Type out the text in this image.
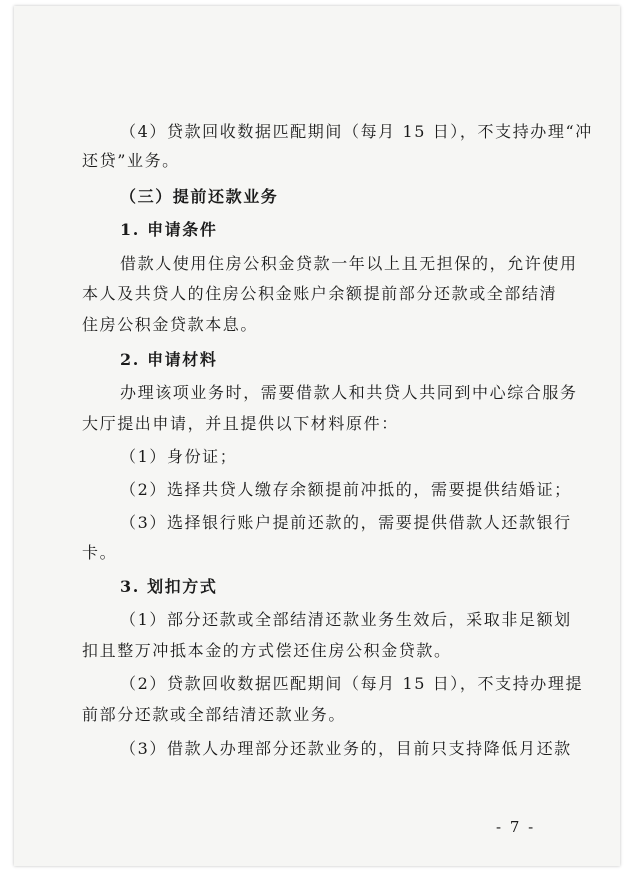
（4）贷款回收数据匹配期间（每月 15 日），不支持办理“冲
还贷”业务。
（三）提前还款业务
1. 申请条件
借款人使用住房公积金贷款一年以上且无担保的，允许使用
本人及共贷人的住房公积金账户余额提前部分还款或全部结清
住房公积金贷款本息。
2. 申请材料
办理该项业务时，需要借款人和共贷人共同到中心综合服务
大厅提出申请，并且提供以下材料原件：
（1）身份证；
（2）选择共贷人缴存余额提前冲抵的，需要提供结婚证；
（3）选择银行账户提前还款的，需要提供借款人还款银行
卡。
3. 划扣方式
（1）部分还款或全部结清还款业务生效后，采取非足额划
扣且整万冲抵本金的方式偿还住房公积金贷款。
（2）贷款回收数据匹配期间（每月 15 日），不支持办理提
前部分还款或全部结清还款业务。
（3）借款人办理部分还款业务的，目前只支持降低月还款
- 7 -
